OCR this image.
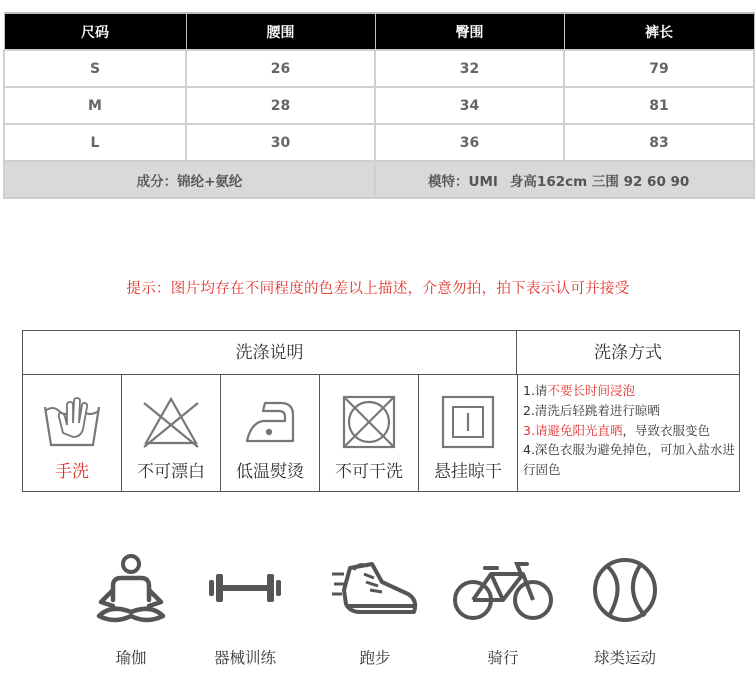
尺码	腰围	臀围	裤长
S	26	32	79
M	28	34	81
L	30	36	83
成分：锦纶+氨纶		模特：UMI 身高162cm 三围 92 60 90	
提示：图片均存在不同程度的色差以上描述，介意勿拍，拍下表示认可并接受
洗涤说明	洗涤方式
手洗	不可漂白	低温熨烫	不可干洗	悬挂晾干
1.请不要长时间浸泡
2.清洗后轻跳着进行晾晒
3.请避免阳光直晒，导致衣服变色
4.深色衣服为避免掉色，可加入盐水进行固色
瑜伽	器械训练	跑步	骑行	球类运动
